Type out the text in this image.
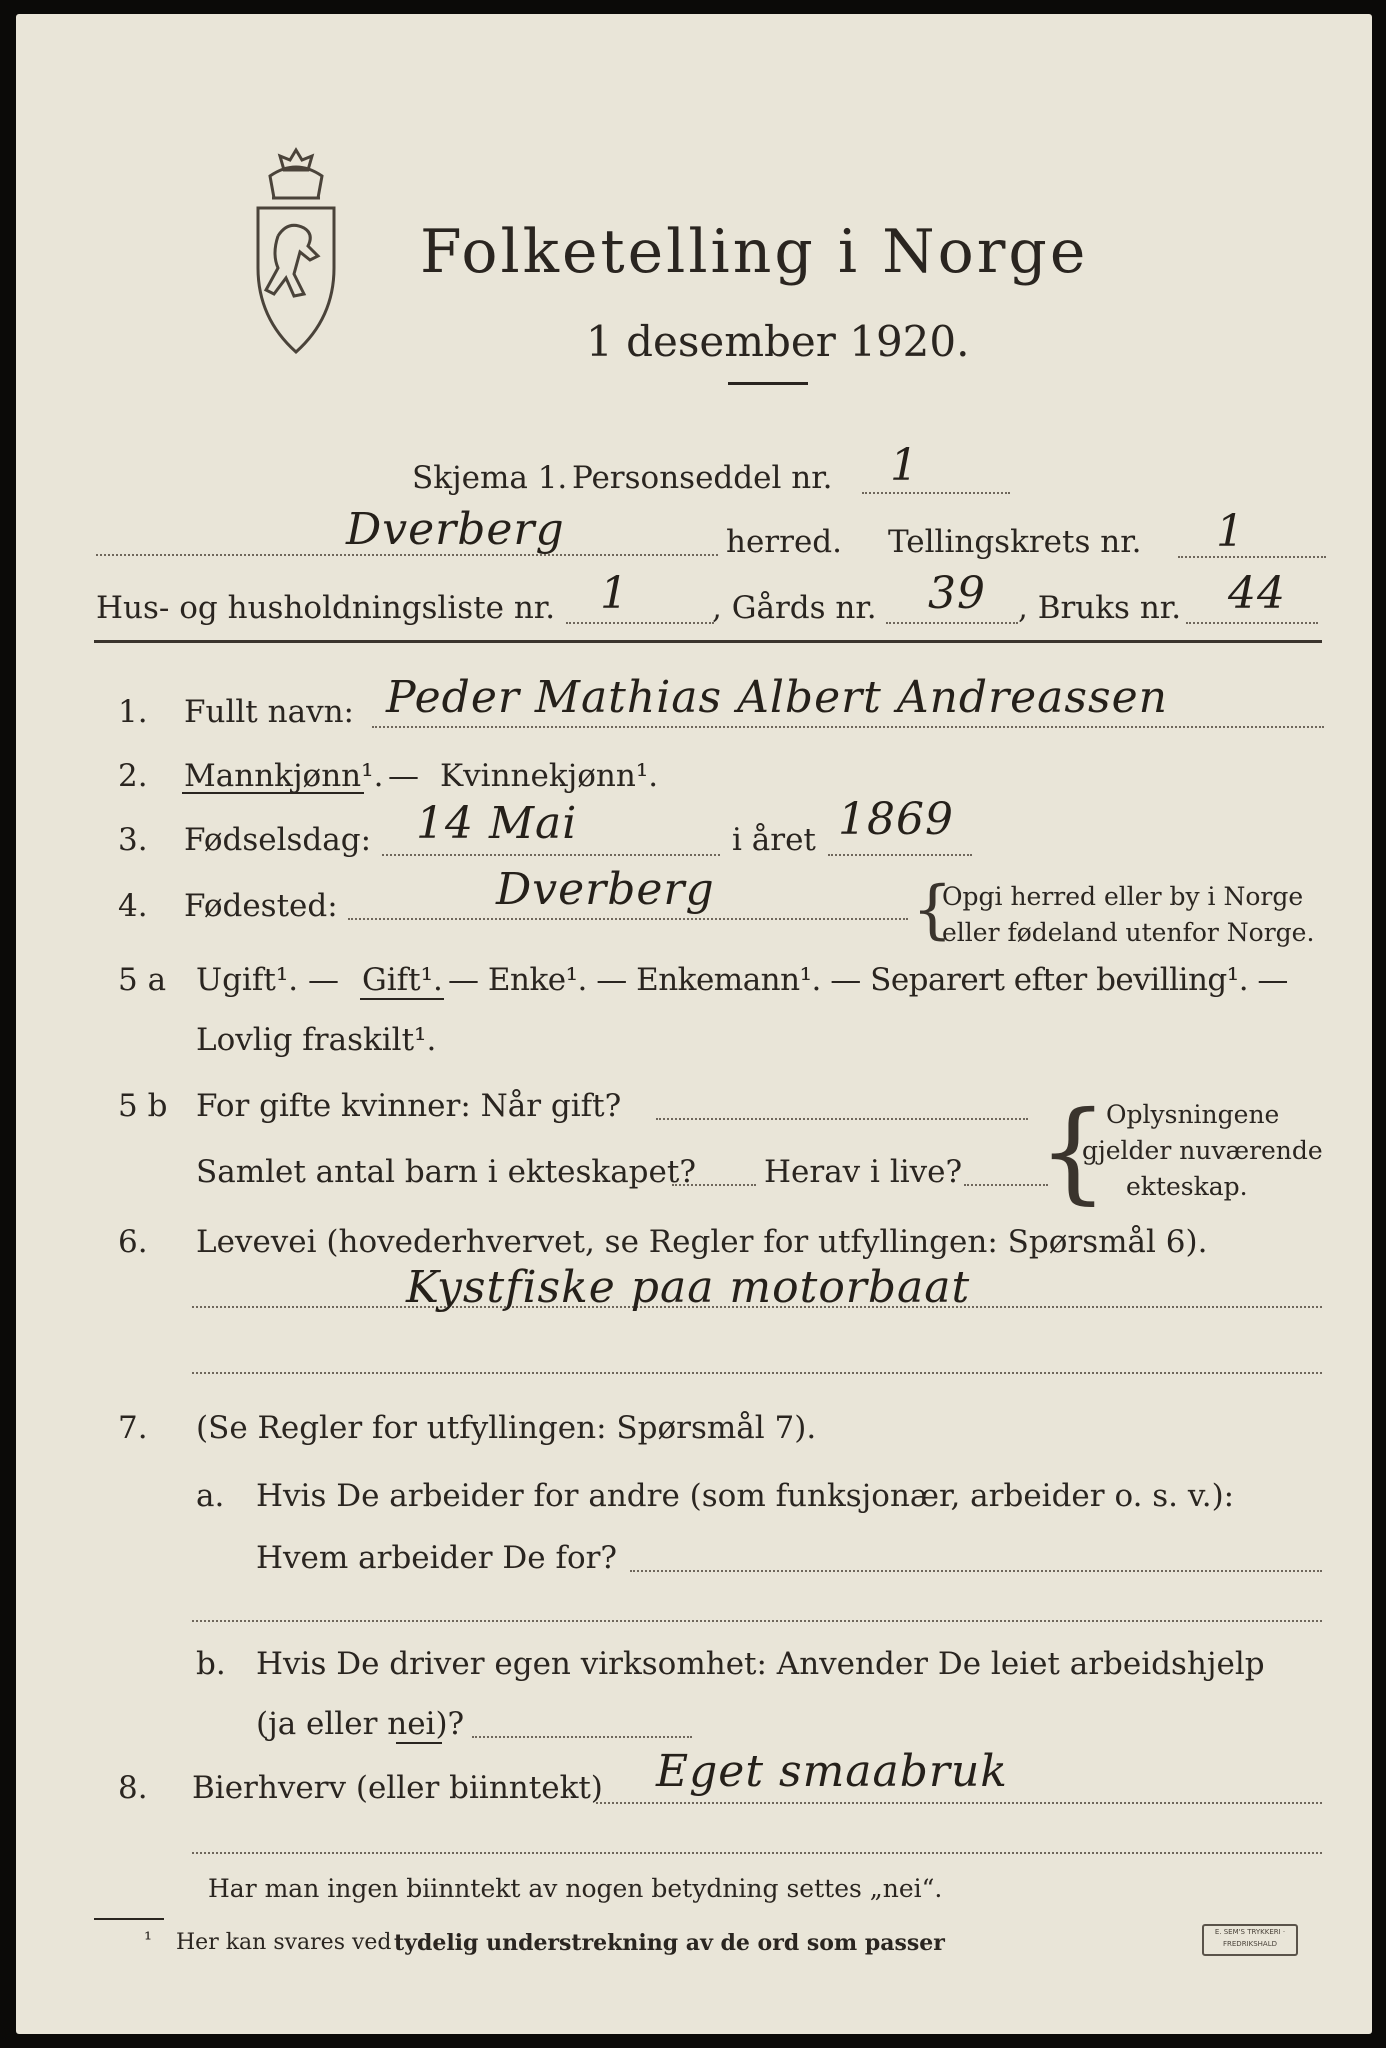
Folketelling i Norge
1 desember 1920.
Skjema 1. Personseddel nr. 1
Dverberg	herred. Tellingskrets nr. 1
Hus- og husholdningsliste nr. 1	, Gårds nr. 39 , Bruks nr. 44
1. Fullt navn: Peder Mathias Albert Andreassen
2. Mannkjønn¹. — Kvinnekjønn¹.
3. Fødselsdag: 14 Mai	i året 1869
4. Fødested:	Dverberg	{
Opgi herred eller by i Norge
eller fødeland utenfor Norge.
5 a Ugift¹. — Gift¹. — Enke¹. — Enkemann¹. — Separert efter bevilling¹. —
Lovlig fraskilt¹.
5 b For gifte kvinner: Når gift?
Samlet antal barn i ekteskapet? Herav i live? {
Oplysningene
gjelder nuværende
ekteskap.
6. Levevei (hovederhvervet, se Regler for utfyllingen: Spørsmål 6).
Kystfiske paa motorbaat
7. (Se Regler for utfyllingen: Spørsmål 7).
a. Hvis De arbeider for andre (som funksjonær, arbeider o. s. v.):
Hvem arbeider De for?
b. Hvis De driver egen virksomhet: Anvender De leiet arbeidshjelp
(ja eller nei)?
8. Bierhverv (eller biinntekt) Eget smaabruk
Har man ingen biinntekt av nogen betydning settes „nei“.
¹ Her kan svares ved tydelig understrekning av de ord som passer	E. SEM'S TRYKKERI · FREDRIKSHALD
